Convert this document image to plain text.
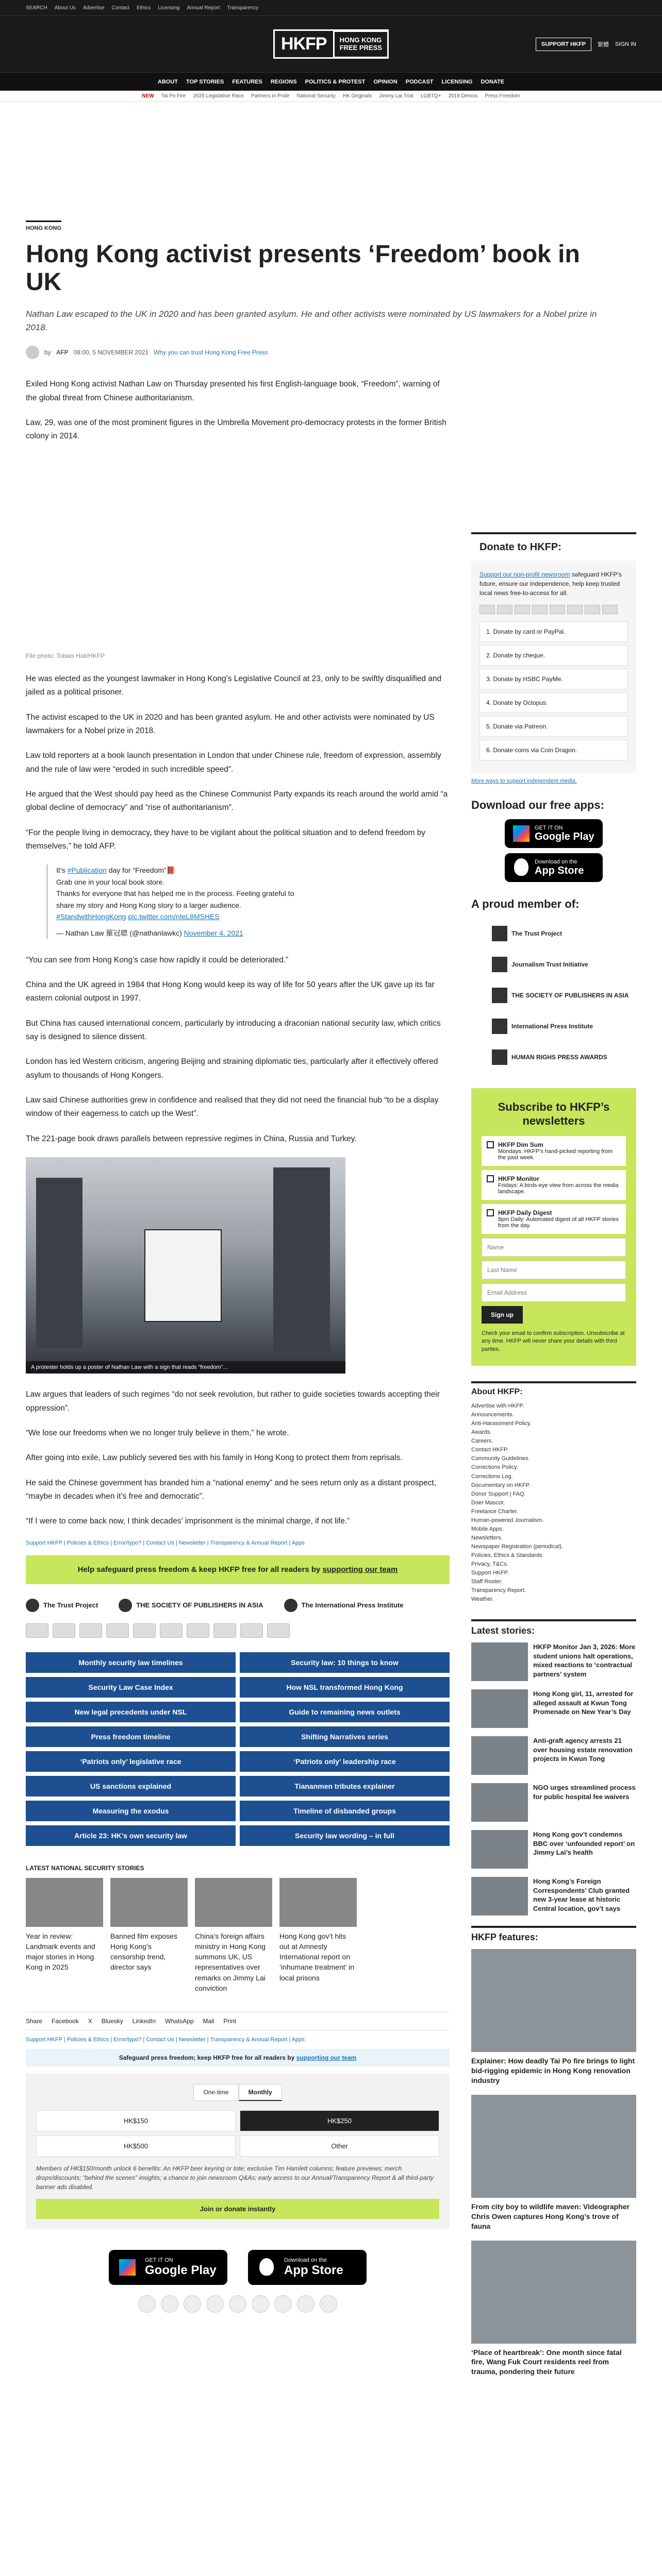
SEARCH About Us Advertise Contact Ethics Licensing Annual Report Transparency
HKFP	HONG KONG
FREE PRESS	SUPPORT HKFP	繁體 SIGN IN
ABOUT TOP STORIES FEATURES REGIONS POLITICS & PROTEST OPINION PODCAST LICENSING DONATE
NEW Tai Po Fire 2025 Legislative Race Partners in Pride National Security HK Originals Jimmy Lai Trial LGBTQ+ 2019 Demos Press Freedom
HONG KONG
Hong Kong activist presents ‘Freedom’ book in UK
Nathan Law escaped to the UK in 2020 and has been granted asylum. He and other activists were nominated by US lawmakers for a Nobel prize in 2018.
by AFP 08:00, 5 NOVEMBER 2021 Why you can trust Hong Kong Free Press

Exiled Hong Kong activist Nathan Law on Thursday presented his first English-language book, “Freedom”, warning of the global threat from Chinese authoritarianism.

Law, 29, was one of the most prominent figures in the Umbrella Movement pro-democracy protests in the former British colony in 2014.

File photo: Tobias Hall/HKFP

He was elected as the youngest lawmaker in Hong Kong’s Legislative Council at 23, only to be swiftly disqualified and jailed as a political prisoner.

The activist escaped to the UK in 2020 and has been granted asylum. He and other activists were nominated by US lawmakers for a Nobel prize in 2018.

Law told reporters at a book launch presentation in London that under Chinese rule, freedom of expression, assembly and the rule of law were “eroded in such incredible speed”.

He argued that the West should pay heed as the Chinese Communist Party expands its reach around the world amid “a global decline of democracy” and “rise of authoritarianism”.

“For the people living in democracy, they have to be vigilant about the political situation and to defend freedom by themselves,” he told AFP.

It’s #Publication day for “Freedom”📕
Grab one in your local book store.
Thanks for everyone that has helped me in the process. Feeling grateful to
share my story and Hong Kong story to a larger audience.
#StandwithHongKong pic.twitter.com/nIeL8MSHES
— Nathan Law 羅冠聰 (@nathanlawkc) November 4, 2021

“You can see from Hong Kong’s case how rapidly it could be deteriorated.”

China and the UK agreed in 1984 that Hong Kong would keep its way of life for 50 years after the UK gave up its far eastern colonial outpost in 1997.

But China has caused international concern, particularly by introducing a draconian national security law, which critics say is designed to silence dissent.

London has led Western criticism, angering Beijing and straining diplomatic ties, particularly after it effectively offered asylum to thousands of Hong Kongers.

Law said Chinese authorities grew in confidence and realised that they did not need the financial hub “to be a display window of their eagerness to catch up the West”.

The 221-page book draws parallels between repressive regimes in China, Russia and Turkey.

A protester holds up a poster of Nathan Law with a sign that reads “freedom”...

Law argues that leaders of such regimes “do not seek revolution, but rather to guide societies towards accepting their oppression”.

“We lose our freedoms when we no longer truly believe in them,” he wrote.

After going into exile, Law publicly severed ties with his family in Hong Kong to protect them from reprisals.

He said the Chinese government has branded him a “national enemy” and he sees return only as a distant prospect, “maybe in decades when it’s free and democratic”.

“If I were to come back now, I think decades’ imprisonment is the minimal charge, if not life.”

Support HKFP | Policies & Ethics | Error/typo? | Contact Us | Newsletter | Transparency & Annual Report | Apps
Help safeguard press freedom & keep HKFP free for all readers by supporting our team
The Trust Project	THE SOCIETY OF PUBLISHERS IN ASIA	The International Press Institute
Monthly security law timelines	Security law: 10 things to know
Security Law Case Index	How NSL transformed Hong Kong
New legal precedents under NSL	Guide to remaining news outlets
Press freedom timeline	Shifting Narratives series
‘Patriots only’ legislative race	‘Patriots only’ leadership race
US sanctions explained	Tiananmen tributes explainer
Measuring the exodus	Timeline of disbanded groups
Article 23: HK’s own security law	Security law wording – in full
LATEST NATIONAL SECURITY STORIES

Year in review: Landmark events and major stories in Hong Kong in 2025

Banned film exposes Hong Kong’s censorship trend, director says

China’s foreign affairs ministry in Hong Kong summons UK, US representatives over remarks on Jimmy Lai conviction

Hong Kong gov’t hits out at Amnesty International report on ‘inhumane treatment’ in local prisons

Share Facebook X Bluesky LinkedIn WhatsApp Mail Print
Support HKFP | Policies & Ethics | Error/typo? | Contact Us | Newsletter | Transparency & Annual Report | Apps
Safeguard press freedom; keep HKFP free for all readers by supporting our team
One-time	Monthly
HK$150	HK$250
HK$500	Other

Members of HK$150/month unlock 6 benefits: An HKFP beer keyring or tote; exclusive Tim Hamlett columns; feature previews; merch drops/discounts; “behind the scenes” insights; a chance to join newsroom Q&As; early access to our Annual/Transparency Report & all third-party banner ads disabled.

Join or donate instantly
GET IT ON
Google Play
Download on the
App Store
Donate to HKFP:

Support our non-profit newsroom safeguard HKFP’s future, ensure our independence, help keep trusted local news free-to-access for all.

1. Donate by card or PayPal.
2. Donate by cheque.
3. Donate by HSBC PayMe.
4. Donate by Octopus.
5. Donate via Patreon.
6. Donate coins via Coin Dragon.
More ways to support independent media.
Download our free apps:
GET IT ON
Google Play
Download on the
App Store
A proud member of:
The Trust Project
Journalism Trust Initiative
THE SOCIETY OF PUBLISHERS IN ASIA
International Press Institute
HUMAN RIGHS PRESS AWARDS
Subscribe to HKFP’s newsletters
HKFP Dim Sum
Mondays: HKFP’s hand-picked reporting from the past week.
HKFP Monitor
Fridays: A birds-eye view from across the media landscape.
HKFP Daily Digest
8pm Daily: Automated digest of all HKFP stories from the day.
Name Last Name Email Address Sign up
Check your email to confirm subscription. Unsubscribe at any time. HKFP will never share your details with third parties.
About HKFP:
Advertise with HKFP.
Announcements.
Anti-Harassment Policy.
Awards.
Careers.
Contact HKFP.
Community Guidelines.
Corrections Policy.
Corrections Log.
Documentary on HKFP.
Donor Support | FAQ.
Doer Mascot.
Freelance Charter.
Human-powered Journalism.
Mobile Apps.
Newsletters.
Newspaper Registration (periodical).
Policies, Ethics & Standards.
Privacy, T&Cs.
Support HKFP.
Staff Roster.
Transparency Report.
Weather.
Latest stories:

HKFP Monitor Jan 3, 2026: More student unions halt operations, mixed reactions to ‘contractual partners’ system

Hong Kong girl, 11, arrested for alleged assault at Kwun Tong Promenade on New Year’s Day

Anti-graft agency arrests 21 over housing estate renovation projects in Kwun Tong

NGO urges streamlined process for public hospital fee waivers

Hong Kong gov’t condemns BBC over ‘unfounded report’ on Jimmy Lai’s health

Hong Kong’s Foreign Correspondents’ Club granted new 3-year lease at historic Central location, gov’t says

HKFP features:

Explainer: How deadly Tai Po fire brings to light bid-rigging epidemic in Hong Kong renovation industry

From city boy to wildlife maven: Videographer Chris Owen captures Hong Kong’s trove of fauna

‘Place of heartbreak’: One month since fatal fire, Wang Fuk Court residents reel from trauma, pondering their future
